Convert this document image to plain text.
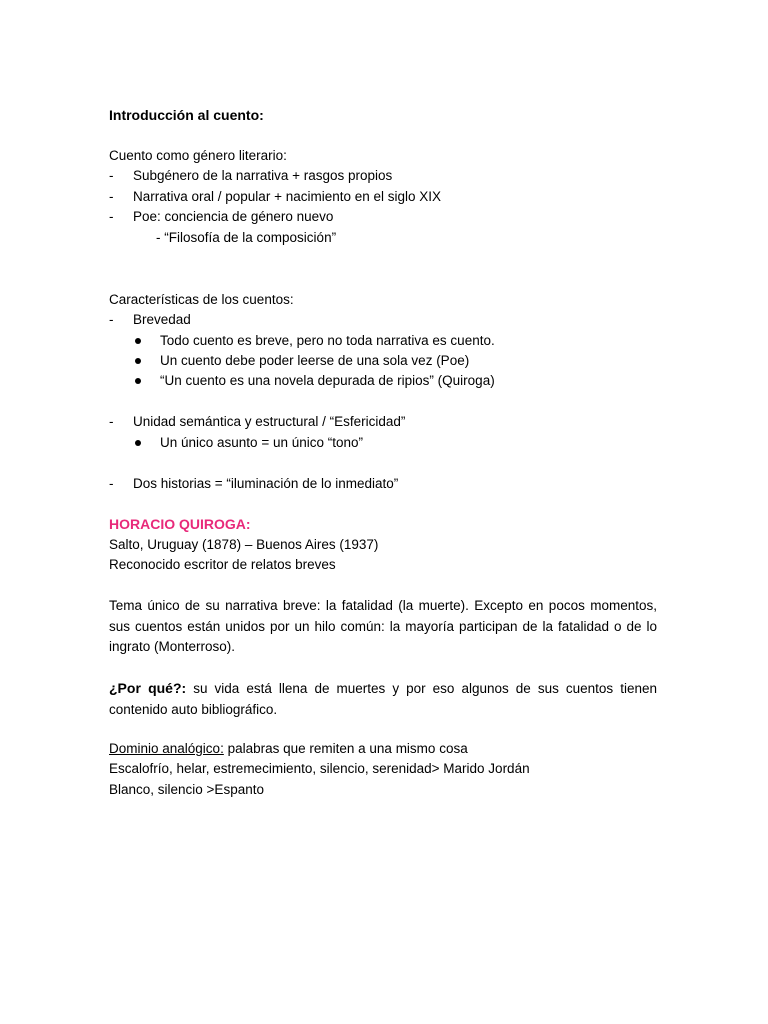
Introducción al cuento:
Cuento como género literario:
- Subgénero de la narrativa + rasgos propios
- Narrativa oral / popular + nacimiento en el siglo XIX
- Poe: conciencia de género nuevo
- “Filosofía de la composición”
Características de los cuentos:
- Brevedad
Todo cuento es breve, pero no toda narrativa es cuento.
Un cuento debe poder leerse de una sola vez (Poe)
“Un cuento es una novela depurada de ripios” (Quiroga)
- Unidad semántica y estructural / “Esfericidad”
Un único asunto = un único “tono”
- Dos historias = “iluminación de lo inmediato”
HORACIO QUIROGA:
Salto, Uruguay (1878) – Buenos Aires (1937)
Reconocido escritor de relatos breves
Tema único de su narrativa breve: la fatalidad (la muerte). Excepto en pocos momentos, sus cuentos están unidos por un hilo común: la mayoría participan de la fatalidad o de lo ingrato (Monterroso).
¿Por qué?: su vida está llena de muertes y por eso algunos de sus cuentos tienen contenido auto bibliográfico.
Dominio analógico: palabras que remiten a una mismo cosa
Escalofrío, helar, estremecimiento, silencio, serenidad> Marido Jordán
Blanco, silencio >Espanto
